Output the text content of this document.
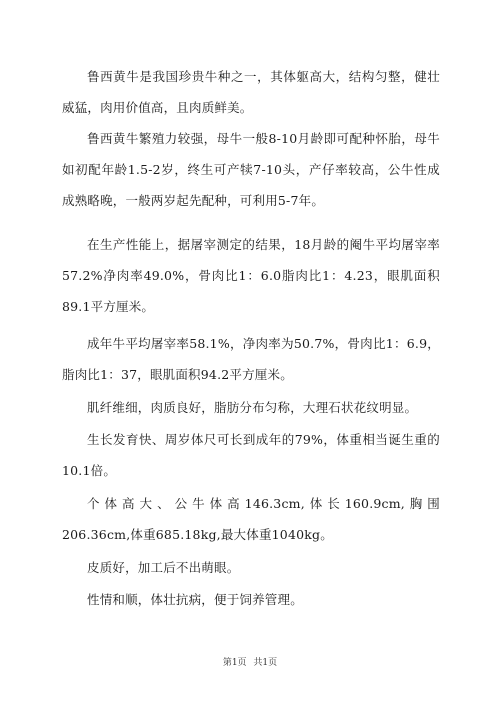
鲁西黄牛是我国珍贵牛种之一，其体躯高大，结构匀整，健壮威猛，肉用价值高，且肉质鲜美。

鲁西黄牛繁殖力较强，母牛一般8-10月龄即可配种怀胎，母牛如初配年龄1.5-2岁，终生可产犊7-10头，产仔率较高，公牛性成成熟略晚，一般两岁起先配种，可利用5-7年。

在生产性能上，据屠宰测定的结果，18月龄的阉牛平均屠宰率57.2%净肉率49.0%，骨肉比1：6.0脂肉比1：4.23，眼肌面积89.1平方厘米。

成年牛平均屠宰率58.1%，净肉率为50.7%，骨肉比1：6.9，脂肉比1：37，眼肌面积94.2平方厘米。

肌纤维细，肉质良好，脂肪分布匀称，大理石状花纹明显。

生长发育快、周岁体尺可长到成年的79%，体重相当诞生重的10.1倍。

个体高大、公牛体高146.3cm,体长160.9cm,胸围206.36cm,体重685.18kg,最大体重1040kg。

皮质好，加工后不出萌眼。

性情和顺，体壮抗病，便于饲养管理。

第1页 共1页
